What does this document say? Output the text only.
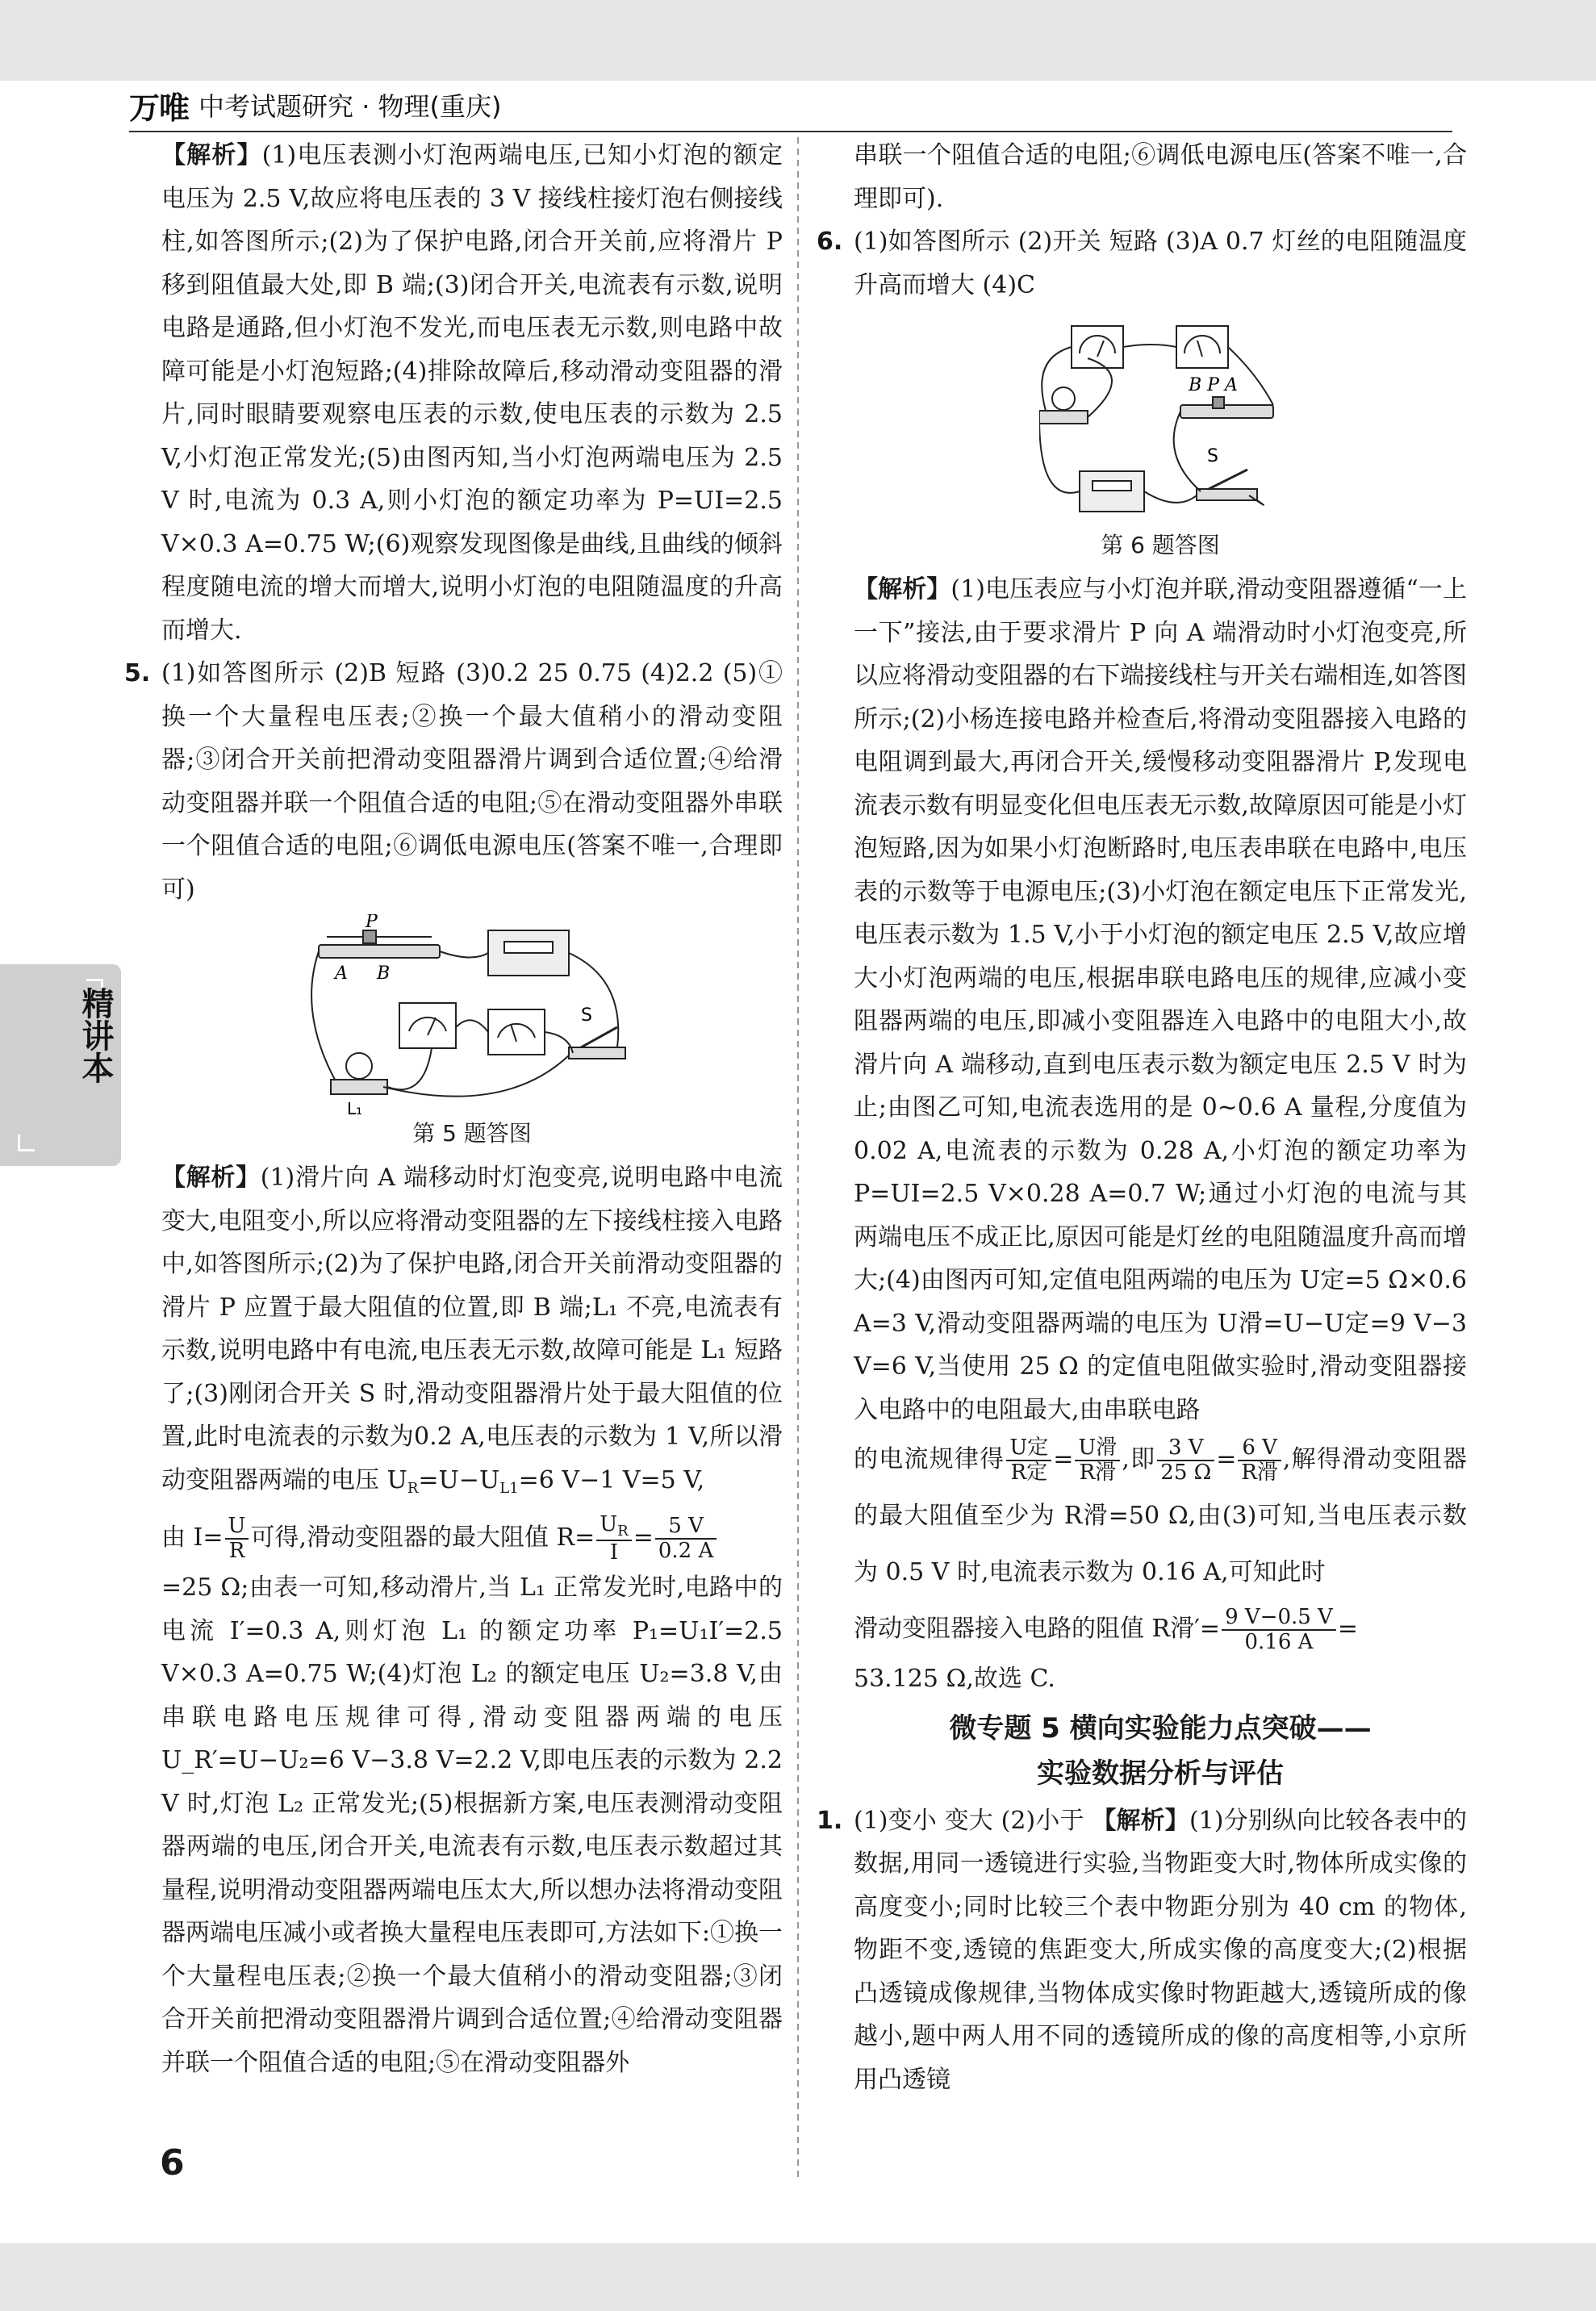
万唯 中考试题研究 · 物理(重庆)

【解析】(1)电压表测小灯泡两端电压,已知小灯泡的额定电压为 2.5 V,故应将电压表的 3 V 接线柱接灯泡右侧接线柱,如答图所示;(2)为了保护电路,闭合开关前,应将滑片 P 移到阻值最大处,即 B 端;(3)闭合开关,电流表有示数,说明电路是通路,但小灯泡不发光,而电压表无示数,则电路中故障可能是小灯泡短路;(4)排除故障后,移动滑动变阻器的滑片,同时眼睛要观察电压表的示数,使电压表的示数为 2.5 V,小灯泡正常发光;(5)由图丙知,当小灯泡两端电压为 2.5 V 时,电流为 0.3 A,则小灯泡的额定功率为 P=UI=2.5 V×0.3 A=0.75 W;(6)观察发现图像是曲线,且曲线的倾斜程度随电流的增大而增大,说明小灯泡的电阻随温度的升高而增大.

5. (1)如答图所示 (2)B 短路 (3)0.2 25 0.75 (4)2.2 (5)①换一个大量程电压表;②换一个最大值稍小的滑动变阻器;③闭合开关前把滑动变阻器滑片调到合适位置;④给滑动变阻器并联一个阻值合适的电阻;⑤在滑动变阻器外串联一个阻值合适的电阻;⑥调低电源电压(答案不唯一,合理即可)

P
A B
S
L₁
第 5 题答图

【解析】(1)滑片向 A 端移动时灯泡变亮,说明电路中电流变大,电阻变小,所以应将滑动变阻器的左下接线柱接入电路中,如答图所示;(2)为了保护电路,闭合开关前滑动变阻器的滑片 P 应置于最大阻值的位置,即 B 端;L₁ 不亮,电流表有示数,说明电路中有电流,电压表无示数,故障可能是 L₁ 短路了;(3)刚闭合开关 S 时,滑动变阻器滑片处于最大阻值的位置,此时电流表的示数为0.2 A,电压表的示数为 1 V,所以滑动变阻器两端的电压 $U_R=U-U_{L1}=6$ V−1 V=5 V,

由 $I= \frac{U}{R}$ 可得,滑动变阻器的最大阻值 $R= \frac{U_R}{I} = \frac{5 V}{0.2 A}$

=25 Ω;由表一可知,移动滑片,当 L₁ 正常发光时,电路中的电流 I′=0.3 A,则灯泡 L₁ 的额定功率 P₁=U₁I′=2.5 V×0.3 A=0.75 W;(4)灯泡 L₂ 的额定电压 U₂=3.8 V,由串联电路电压规律可得,滑动变阻器两端的电压 U_R′=U−U₂=6 V−3.8 V=2.2 V,即电压表的示数为 2.2 V 时,灯泡 L₂ 正常发光;(5)根据新方案,电压表测滑动变阻器两端的电压,闭合开关,电流表有示数,电压表示数超过其量程,说明滑动变阻器两端电压太大,所以想办法将滑动变阻器两端电压减小或者换大量程电压表即可,方法如下:①换一个大量程电压表;②换一个最大值稍小的滑动变阻器;③闭合开关前把滑动变阻器滑片调到合适位置;④给滑动变阻器并联一个阻值合适的电阻;⑤在滑动变阻器外

串联一个阻值合适的电阻;⑥调低电源电压(答案不唯一,合理即可).

6. (1)如答图所示 (2)开关 短路 (3)A 0.7 灯丝的电阻随温度升高而增大 (4)C

B P A
S
第 6 题答图

【解析】(1)电压表应与小灯泡并联,滑动变阻器遵循“一上一下”接法,由于要求滑片 P 向 A 端滑动时小灯泡变亮,所以应将滑动变阻器的右下端接线柱与开关右端相连,如答图所示;(2)小杨连接电路并检查后,将滑动变阻器接入电路的电阻调到最大,再闭合开关,缓慢移动变阻器滑片 P,发现电流表示数有明显变化但电压表无示数,故障原因可能是小灯泡短路,因为如果小灯泡断路时,电压表串联在电路中,电压表的示数等于电源电压;(3)小灯泡在额定电压下正常发光,电压表示数为 1.5 V,小于小灯泡的额定电压 2.5 V,故应增大小灯泡两端的电压,根据串联电路电压的规律,应减小变阻器两端的电压,即减小变阻器连入电路中的电阻大小,故滑片向 A 端移动,直到电压表示数为额定电压 2.5 V 时为止;由图乙可知,电流表选用的是 0~0.6 A 量程,分度值为 0.02 A,电流表的示数为 0.28 A,小灯泡的额定功率为 P=UI=2.5 V×0.28 A=0.7 W;通过小灯泡的电流与其两端电压不成正比,原因可能是灯丝的电阻随温度升高而增大;(4)由图丙可知,定值电阻两端的电压为 U定=5 Ω×0.6 A=3 V,滑动变阻器两端的电压为 U滑=U−U定=9 V−3 V=6 V,当使用 25 Ω 的定值电阻做实验时,滑动变阻器接入电路中的电阻最大,由串联电路

的电流规律得 $\frac{\text{U定}}{\text{R定}} = \frac{\text{U滑}}{\text{R滑}}$ ,即 $\frac{3 V}{25 \Omega} = \frac{6 V}{\text{R滑}}$ ,解得滑动变阻器的最大阻值至少为 R滑=50 Ω,由(3)可知,当电压表示数为 0.5 V 时,电流表示数为 0.16 A,可知此时

滑动变阻器接入电路的阻值 R滑′= $\frac{9 V-0.5 V}{0.16 A}$ =

53.125 Ω,故选 C.

微专题 5 横向实验能力点突破——
实验数据分析与评估

1. (1)变小 变大 (2)小于 【解析】(1)分别纵向比较各表中的数据,用同一透镜进行实验,当物距变大时,物体所成实像的高度变小;同时比较三个表中物距分别为 40 cm 的物体,物距不变,透镜的焦距变大,所成实像的高度变大;(2)根据凸透镜成像规律,当物体成实像时物距越大,透镜所成的像越小,题中两人用不同的透镜所成的像的高度相等,小京所用凸透镜

精讲本
6
